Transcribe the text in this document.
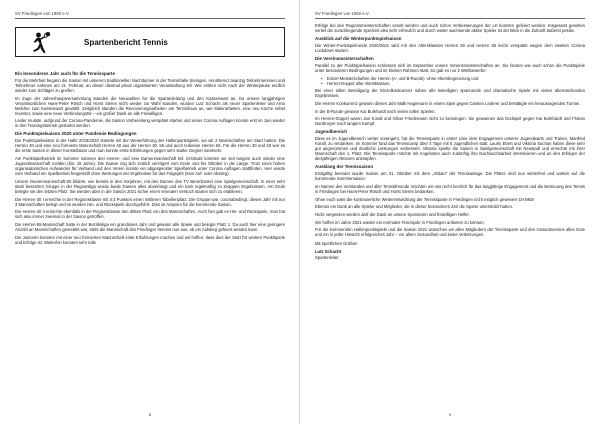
SV Friedingen von 1960 e.V.
Spartenbericht Tennis
Ein besonderes Jahr auch für die Tennissparte
Für die Mehrheit begann die Saison mit unserem traditionellen Nachtturnier in der Tennishalle Steingen. Annähernd zwanzig Teilnehmerinnen und Teilnehmer nahmen am 21. Februar, an dieser diesmal privat organisierten Veranstaltung teil. Wie erstlen nicht nach der Winterpause endlich wieder zum Schläger zu greifen.
Im Zuge der Jahreshauptversammlung standen die Neuwahlen für die Spartenleitung und den Kassenwart an. Da unsere langjährigen Verantwortlichen Hans-Peter Rösch und Horst Sieren nicht wieder zur Wahl standen, wurden Lutz Schacht als neuer Spartenleiter und Arno Melcher zum Kassenwart gewählt. Zeitgleich standen die Renovierungsarbeiten am Tennishaus an, wie Malerarbeiten, eine neu Küche nebst Inventer, sowie eine neue Verbindungstür – ein großer Dank an alle Freiwilligen.
Leider musste, aufgrund der Corona-Pandemie, die Saison Vorbereitung verspätet starten und unser Corona Auflagen konnte erst im Juni wieder in den Trainingsbetrieb gestartet werden.
Die Punktspielsaison 2020 unter Pandemie Bedingungen
Die Punktspielsaison in der Halle 2019/2020 startete mit der Weiterführung der Hallenpunktspiele, wo wir 2 Mannschaften am Start hatten. Die Herren 30 und eine neu formierte Mannschaft Herren 40 aus der Herren 30. 55 und auch teilweise Herren 65. Für die Herren 30 und 40 war es die erste Saison in dieser Konstellation und man konnte erste Erfahrungen gegen sehr starke Gegner sammeln.
Am Punktspielbetrieb im Sommer nahmen drei Herren- und eine Damenmannschaft teil. Erstmals konnten wir seit langem auch wieder eine Jugendmannschaft melden (bis. 15 Jahre). Die Saison zog sich zeitlich verzögert vom Ende Juni bis Oktober in die Länge. Trotz eines hohen organisatorischen Aufwandes für Verband und den Verein konnte ein abgespeckter Spielbetrieb unter Corona Auflagen stattfinden. Hier wurde vom Verband ein Spielbetrieb freigestellt ohne Wertungen der Ergebnisse für das Folgejahr (kein Auf- oder Abstieg).
Unsere Damenmannschaft-50 bildete, wie bereits in den Vorjahren, mit den Damen des TV Berenbostel eine Spielgemeinschaft. In einer sehr stark besetzten Gruppe in der Regionsliga wurde beide Damen alles abverlangt und ein kam regelmäßig zu knappen Ergebnissen. Am Ende belegte sie den letzten Platz. Sie werden aber in der Saison 2021 sicher einen erneuten Versuch starten sich zu etablieren.
Die Herren-30 I erreichte in der Regionsklasse mit 4:4 Punkten einen mittleren Tabellenplatz. Die Gruppe war, coronabedingt, dieses Jahr mit nur 3 Mannschaften belegt und es wurden Hin- und Rückspiele durchgeführt. Dies ist Ansporn für die kommende Saison.
Die Herren-30 II erreichte ebenfalls in der Regionsklasse den dritten Platz von drei Mannschaften. Auch hier gab es Hin- und Rückspiele, man hat sich also immer zweimal in der Saison getroffen.
Die Herren-55-Mannschaft hatte in der Bezirksliga ein grandioses Jahr und gewann alle Spiele und belegte Platz 1. Da auch hier eine geringere Anzahl an Mannschaften gemeldet war, steht die Mannschaft des Friedinger Vereins nun aus, ob ein Aufstieg gefeiert werden kann.
Die Junioren konnten mit einer neu formierten Mannschaft erste Erfahrungen machen und wir hoffen, dass dies der Start für weitere Punktspiele und Erfolge ist. Weiterhin konnten sehr tolle
8
SV Friedingen von 1960 e.V.
Erfolge bei den Regionsmeisterschaften erzielt werden und auch schon Verbesserungen der LK konnten gefeiert werden. Insgesamt gesehen verlief die zurückliegende Spielzeit also sehr erfreulich und durch weiter wachsende aktive Spieler ist der Blick in die Zukunft äußerst positiv.
Ausblick auf die Winterpunktspielsaison
Die Winter-Punktspielrunde 2020/2021 wird mit den Altersklassen Herren 30 und Herren 55 leicht verspätet wegen dem zweiten Corona Lockdown starten.
Die Vereinsmeisterschaften
Parallel zu der Punktspielsaison schlossen sich im September unsere Vereinsmeisterschaften an. Sie fanden wie auch schon die Punktspiele unter besonderen Bedingungen und im kleinen Rahmen statt. So gab es nur 2 Wettbewerbe:
• Einzel-Meisterschaften der Herren (A- und B-Runde) -ohne Altersbegrenzung und
• Herren-Doppel aller Altersklassen.
Bei einer tollen Beteiligung der Einzelkonkurrenz sahen alle Beteiligten spannende und dramatische Spiele mit vielen überraschenden Ergebnissen.
Die Herren Konkurrenz gewann dieses Jahr Malk Hagemann in einem Spiel gegen Carsten Lederer und bestätigte ein herausragendes Turnier.
In der B-Runde gewann Kai Burkhardt nach vielen tollen Spielen.
Im Herren-Doppel waren Jan Korall und Oliver Friedemann nicht zu bezwingen. Sie gewannen das Endspiel gegen Kai Burkhardt und Florian Nordmeyer nach langem Kampf.
Jugendbereich
Dass es im Jugendbereich weiter vorangeht, hat die Tennissparte in erster Linie dem Engagement unserer Jugendwarts und Trainer, Manfred Korall, zu verdanken. Im Sommer fand das Tenniscamp über 4 Tage mit 6 Jugendlichen statt. Laurin Ebert und Viktoria Suchan haben diese sehr gut angenommen und deutliche Leistungen verbessert. Viktoria spielte die Saison in Spielgemeinschaft mit Neustadt und erreichte mit ihrer Mannschaft den 1. Platz. Die Tennissparte möchte mit Angeboten auch zukünftig ihre Nachwuchsarbeit intensivieren und an den Erfolgen der diesjährigen Aktionen anknüpfen.
Ausklang der Tennissaison
Endgültig beendet wurde Saison am 31. Oktober mit dem „Abbau" der Tennisanlage. Die Plätze sind nun winterfest und warten auf die kommende Sommersaison.
Im Namen des Vorstandes und aller Tennisfreunde möchten wir uns recht herzlich für das langjährige Engagement und die Betreuung des Tennis in Friedingen bei Hans-Peter Rösch und Horst Sieren bedanken.
Ohne euch wäre die kontinuierliche Weiterentwicklung der Tennissparte in Friedingen nicht möglich gewesen! DANKE!
Ebenso ein Dank an alle Spieler und Mitglieder, die in dieser besonderen Zeit die Sparte unterstützt haben.
Nicht vergessen werden darf der Dank an unsere Sponsoren und freiwilligen Helfer.
Wir hoffen im Jahre 2021 wieder ein normales Tennisjahr in Friedingen anbieten zu können.
Für die kommenden Hallenpunktspiele und die Saison 2021 wünschen wir allen Mitgliedern der Tennissparte und den Gesamtvereins alles Gute und ein in jeder Hinsicht erfolgreiches Jahr – vor allem Gesundheit und keine Verletzungen.
Mit sportlichen Grüßen
Lutz Schacht
Spartenleiter
9
